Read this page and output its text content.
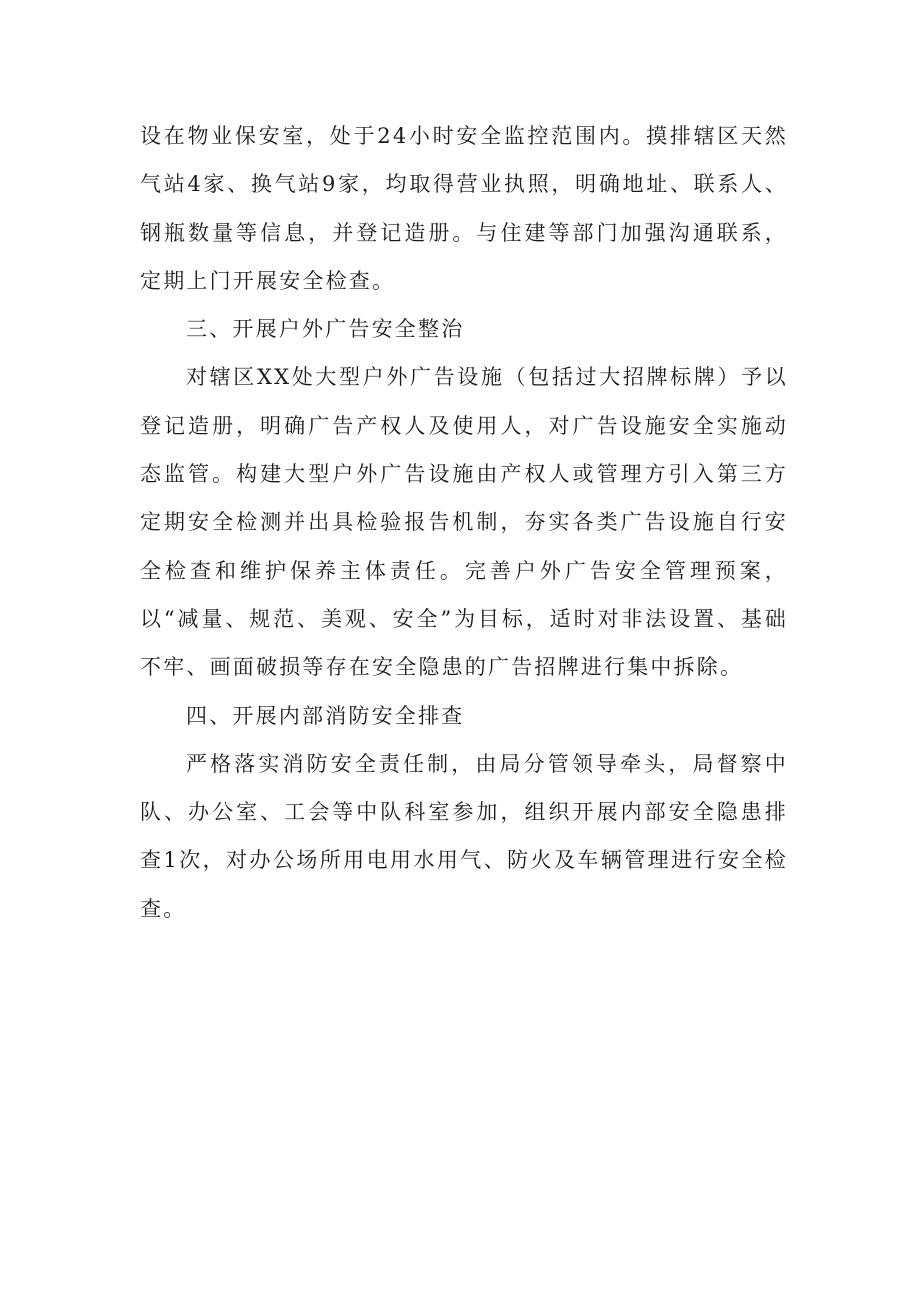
设在物业保安室，处于24小时安全监控范围内。摸排辖区天然气站4家、换气站9家，均取得营业执照，明确地址、联系人、钢瓶数量等信息，并登记造册。与住建等部门加强沟通联系，定期上门开展安全检查。

三、开展户外广告安全整治

对辖区XX处大型户外广告设施（包括过大招牌标牌）予以登记造册，明确广告产权人及使用人，对广告设施安全实施动态监管。构建大型户外广告设施由产权人或管理方引入第三方定期安全检测并出具检验报告机制，夯实各类广告设施自行安全检查和维护保养主体责任。完善户外广告安全管理预案，以“减量、规范、美观、安全”为目标，适时对非法设置、基础不牢、画面破损等存在安全隐患的广告招牌进行集中拆除。

四、开展内部消防安全排查

严格落实消防安全责任制，由局分管领导牵头，局督察中队、办公室、工会等中队科室参加，组织开展内部安全隐患排查1次，对办公场所用电用水用气、防火及车辆管理进行安全检查。
